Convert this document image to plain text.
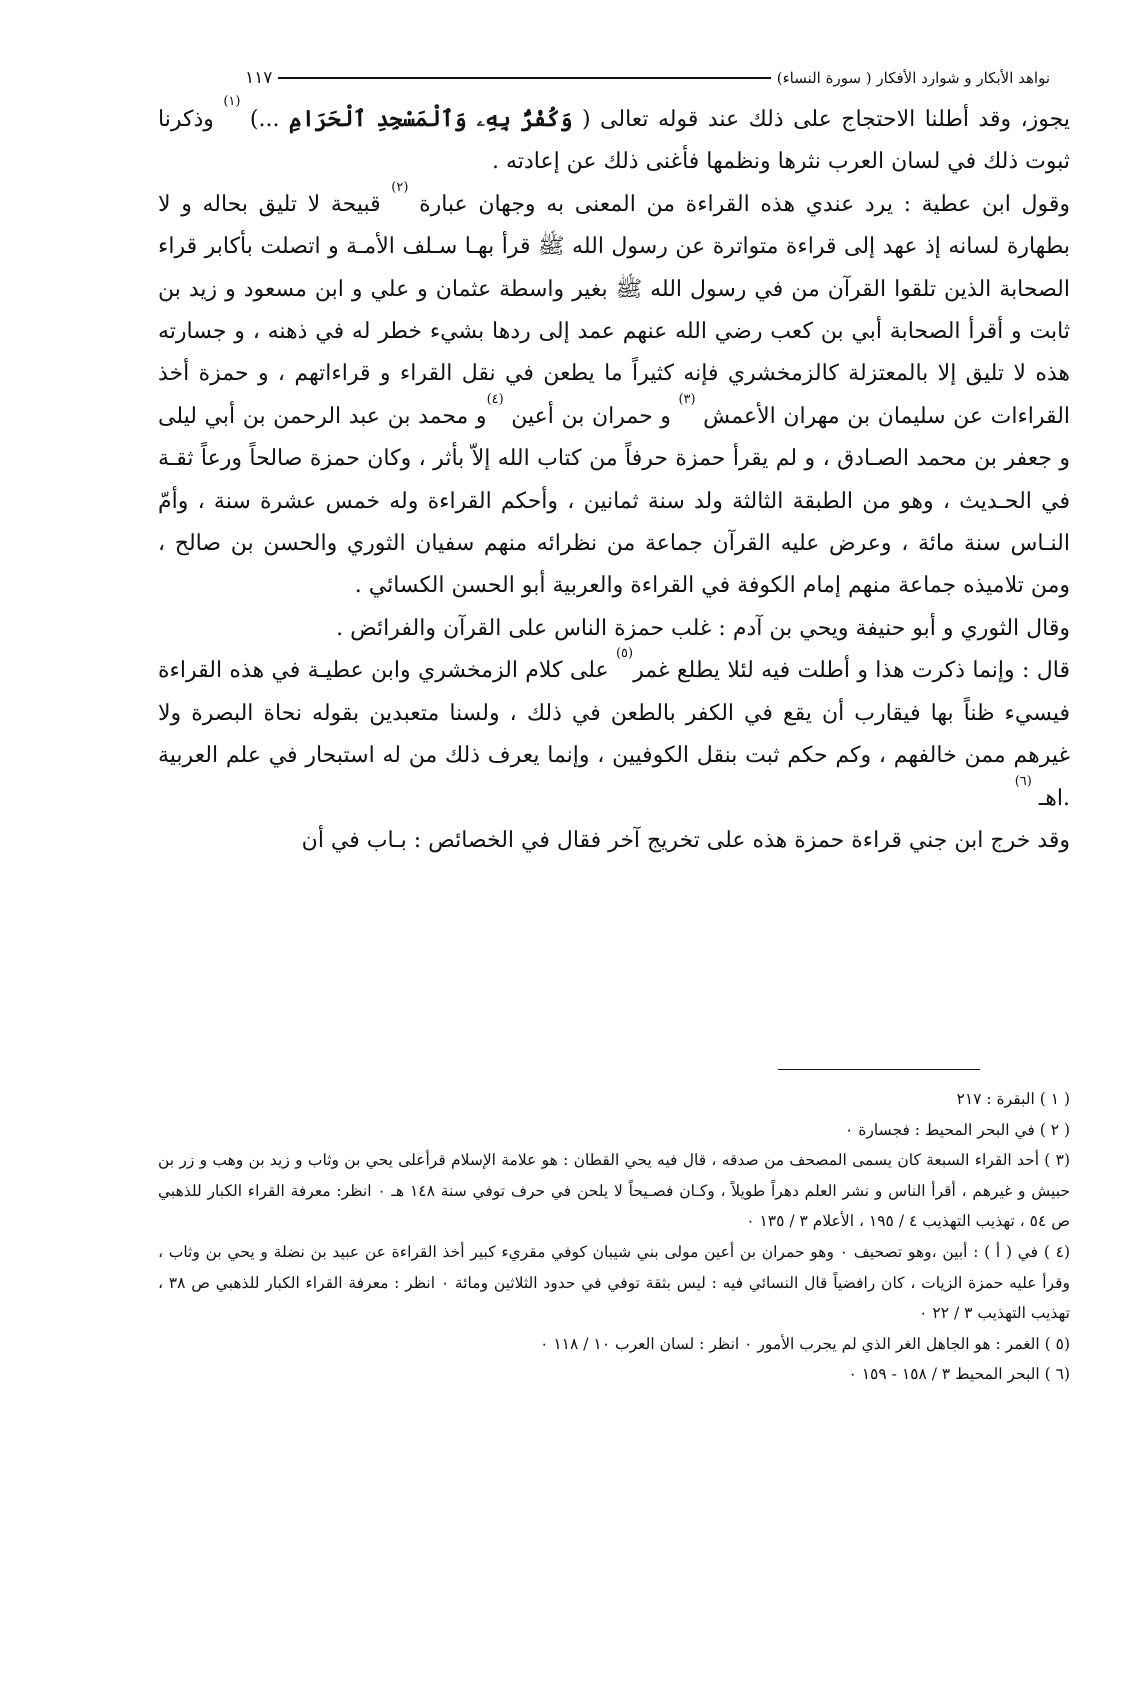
نواهد الأبكار و شوارد الأفكار ( سورة النساء)
١١٧

يجوز، وقد أطلنا الاحتجاج على ذلك عند قوله تعالى ( وَكُفْرٌۢ بِهِۦ وَٱلْمَسْجِدِ ٱلْحَرَامِ ...) $^{(١)}$ وذكرنا ثبوت ذلك في لسان العرب نثرها ونظمها فأغنى ذلك عن إعادته .

وقول ابن عطية : يرد عندي هذه القراءة من المعنى به وجهان عبارة $^{(٢)}$ قبيحة لا تليق بحاله و لا بطهارة لسانه إذ عهد إلى قراءة متواترة عن رسول الله ﷺ قرأ بهـا سـلف الأمـة و اتصلت بأكابر قراء الصحابة الذين تلقوا القرآن من في رسول الله ﷺ بغير واسطة عثمان و علي و ابن مسعود و زيد بن ثابت و أقرأ الصحابة أبي بن كعب رضي الله عنهم عمد إلى ردها بشيء خطر له في ذهنه ، و جسارته هذه لا تليق إلا بالمعتزلة كالزمخشري فإنه كثيراً ما يطعن في نقل القراء و قراءاتهم ، و حمزة أخذ القراءات عن سليمان بن مهران الأعمش $^{(٣)}$ و حمران بن أعين $^{(٤)}$و محمد بن عبد الرحمن بن أبي ليلى و جعفر بن محمد الصـادق ، و لم يقرأ حمزة حرفاً من كتاب الله إلاّ بأثر ، وكان حمزة صالحاً ورعاً ثقـة في الحـديث ، وهو من الطبقة الثالثة ولد سنة ثمانين ، وأحكم القراءة وله خمس عشرة سنة ، وأمّ النـاس سنة مائة ، وعرض عليه القرآن جماعة من نظرائه منهم سفيان الثوري والحسن بن صالح ، ومن تلاميذه جماعة منهم إمام الكوفة في القراءة والعربية أبو الحسن الكسائي .

وقال الثوري و أبو حنيفة ويحي بن آدم : غلب حمزة الناس على القرآن والفرائض .

قال : وإنما ذكرت هذا و أطلت فيه لئلا يطلع غمر$^{(٥)}$ على كلام الزمخشري وابن عطيـة في هذه القراءة فيسيء ظناً بها فيقارب أن يقع في الكفر بالطعن في ذلك ، ولسنا متعبدين بقوله نحاة البصرة ولا غيرهم ممن خالفهم ، وكم حكم ثبت بنقل الكوفيين ، وإنما يعرف ذلك من له استبحار في علم العربية .اهـ $^{(٦)}$

وقد خرج ابن جني قراءة حمزة هذه على تخريج آخر فقال في الخصائص : بـاب في أن

( ١ ) البقرة : ٢١٧

( ٢ ) في البحر المحيط : فجسارة ٠

(٣ ) أحد القراء السبعة كان يسمى المصحف من صدقه ، قال فيه يحي القطان : هو علامة الإسلام قرأعلى يحي بن وثاب و زيد بن وهب و زر بن حبيش و غيرهم ، أقرأ الناس و نشر العلم دهراً طويلاً ، وكـان فصـيحاً لا يلحن في حرف توفي سنة ١٤٨ هـ ٠ انظر: معرفة القراء الكبار للذهبي ص ٥٤ ، تهذيب التهذيب ٤ / ١٩٥ ، الأعلام ٣ / ١٣٥ ٠

(٤ ) في ( أ ) : أبين ،وهو تصحيف ٠ وهو حمران بن أعين مولى بني شيبان كوفي مقريء كبير أخذ القراءة عن عبيد بن نضلة و يحي بن وثاب ، وقرأ عليه حمزة الزيات ، كان رافضياً قال النسائي فيه : ليس بثقة توفي في حدود الثلاثين ومائة ٠ انظر : معرفة القراء الكبار للذهبي ص ٣٨ ، تهذيب التهذيب ٣ / ٢٢ ٠

(٥ ) الغمر : هو الجاهل الغر الذي لم يجرب الأمور ٠ انظر : لسان العرب ١٠ / ١١٨ ٠

(٦ ) البحر المحيط ٣ / ١٥٨ - ١٥٩ ٠
